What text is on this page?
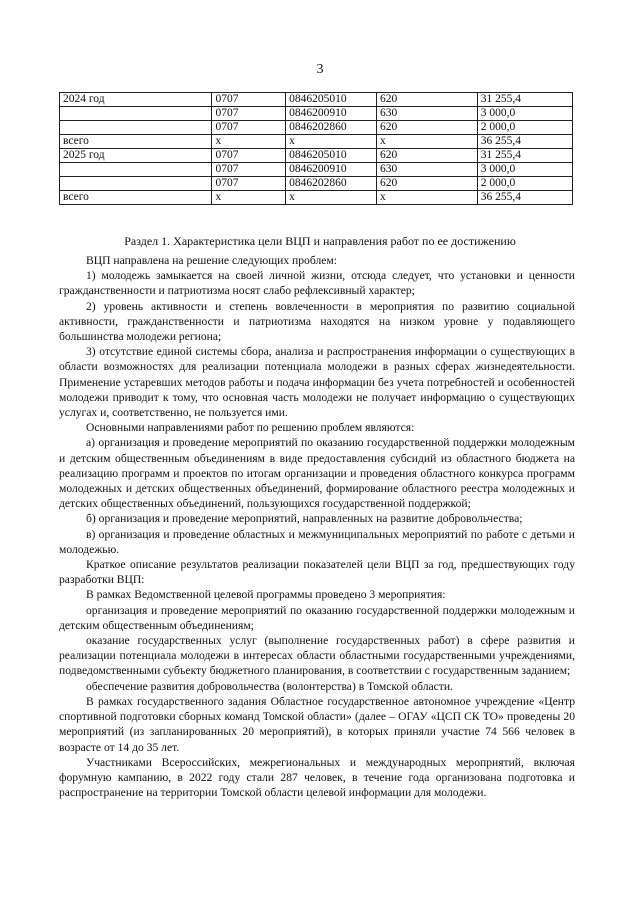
3
2024 год	0707	0846205010	620	31 255,4
	0707	0846200910	630	3 000,0
	0707	0846202860	620	2 000,0
всего	х	х	х	36 255,4
2025 год	0707	0846205010	620	31 255,4
	0707	0846200910	630	3 000,0
	0707	0846202860	620	2 000,0
всего	х	х	х	36 255,4
Раздел 1. Характеристика цели ВЦП и направления работ по ее достижению

ВЦП направлена на решение следующих проблем:

1) молодежь замыкается на своей личной жизни, отсюда следует, что установки и ценности гражданственности и патриотизма носят слабо рефлексивный характер;

2) уровень активности и степень вовлеченности в мероприятия по развитию социальной активности, гражданственности и патриотизма находятся на низком уровне у подавляющего большинства молодежи региона;

3) отсутствие единой системы сбора, анализа и распространения информации о существующих в области возможностях для реализации потенциала молодежи в разных сферах жизнедеятельности. Применение устаревших методов работы и подача информации без учета потребностей и особенностей молодежи приводит к тому, что основная часть молодежи не получает информацию о существующих услугах и, соответственно, не пользуется ими.

Основными направлениями работ по решению проблем являются:

а) организация и проведение мероприятий по оказанию государственной поддержки молодежным и детским общественным объединениям в виде предоставления субсидий из областного бюджета на реализацию программ и проектов по итогам организации и проведения областного конкурса программ молодежных и детских общественных объединений, формирование областного реестра молодежных и детских общественных объединений, пользующихся государственной поддержкой;

б) организация и проведение мероприятий, направленных на развитие добровольчества;

в) организация и проведение областных и межмуниципальных мероприятий по работе с детьми и молодежью.

Краткое описание результатов реализации показателей цели ВЦП за год, предшествующих году разработки ВЦП:

В рамках Ведомственной целевой программы проведено 3 мероприятия:

организация и проведение мероприятий по оказанию государственной поддержки молодежным и детским общественным объединениям;

оказание государственных услуг (выполнение государственных работ) в сфере развития и реализации потенциала молодежи в интересах области областными государственными учреждениями, подведомственными субъекту бюджетного планирования, в соответствии с государственным заданием;

обеспечение развития добровольчества (волонтерства) в Томской области.

В рамках государственного задания Областное государственное автономное учреждение «Центр спортивной подготовки сборных команд Томской области» (далее – ОГАУ «ЦСП СК ТО» проведены 20 мероприятий (из запланированных 20 мероприятий), в которых приняли участие 74 566 человек в возрасте от 14 до 35 лет.

Участниками Всероссийских, межрегиональных и международных мероприятий, включая форумную кампанию, в 2022 году стали 287 человек, в течение года организована подготовка и распространение на территории Томской области целевой информации для молодежи.
